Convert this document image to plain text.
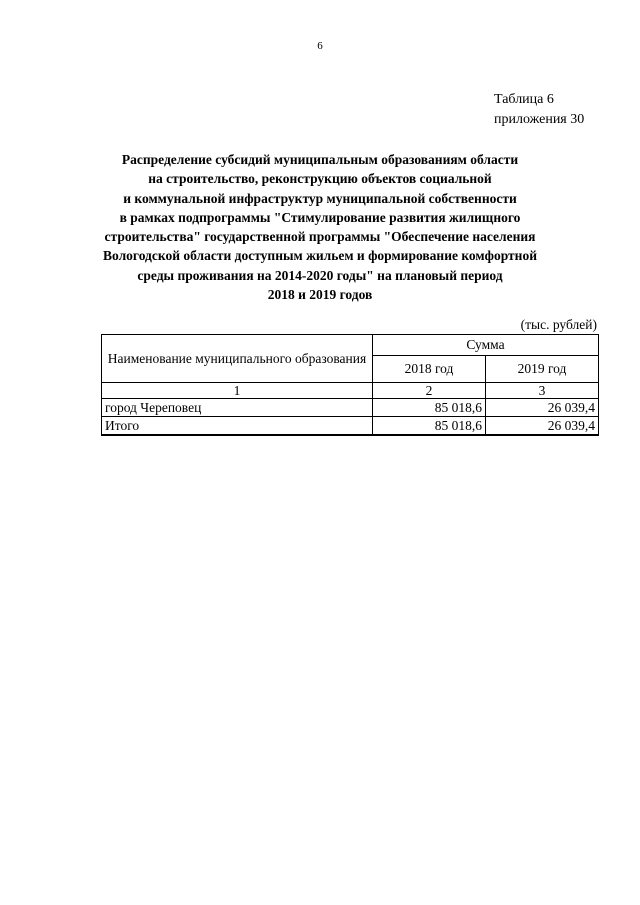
6
Таблица 6
приложения 30
Распределение субсидий муниципальным образованиям области
на строительство, реконструкцию объектов социальной
и коммунальной инфраструктур муниципальной собственности
в рамках подпрограммы "Стимулирование развития жилищного
строительства" государственной программы "Обеспечение населения
Вологодской области доступным жильем и формирование комфортной
среды проживания на 2014-2020 годы" на плановый период
2018 и 2019 годов
(тыс. рублей)
Наименование муниципального образования	Сумма	
	2018 год	2019 год
1	2	3
город Череповец	85 018,6	26 039,4
Итого	85 018,6	26 039,4
